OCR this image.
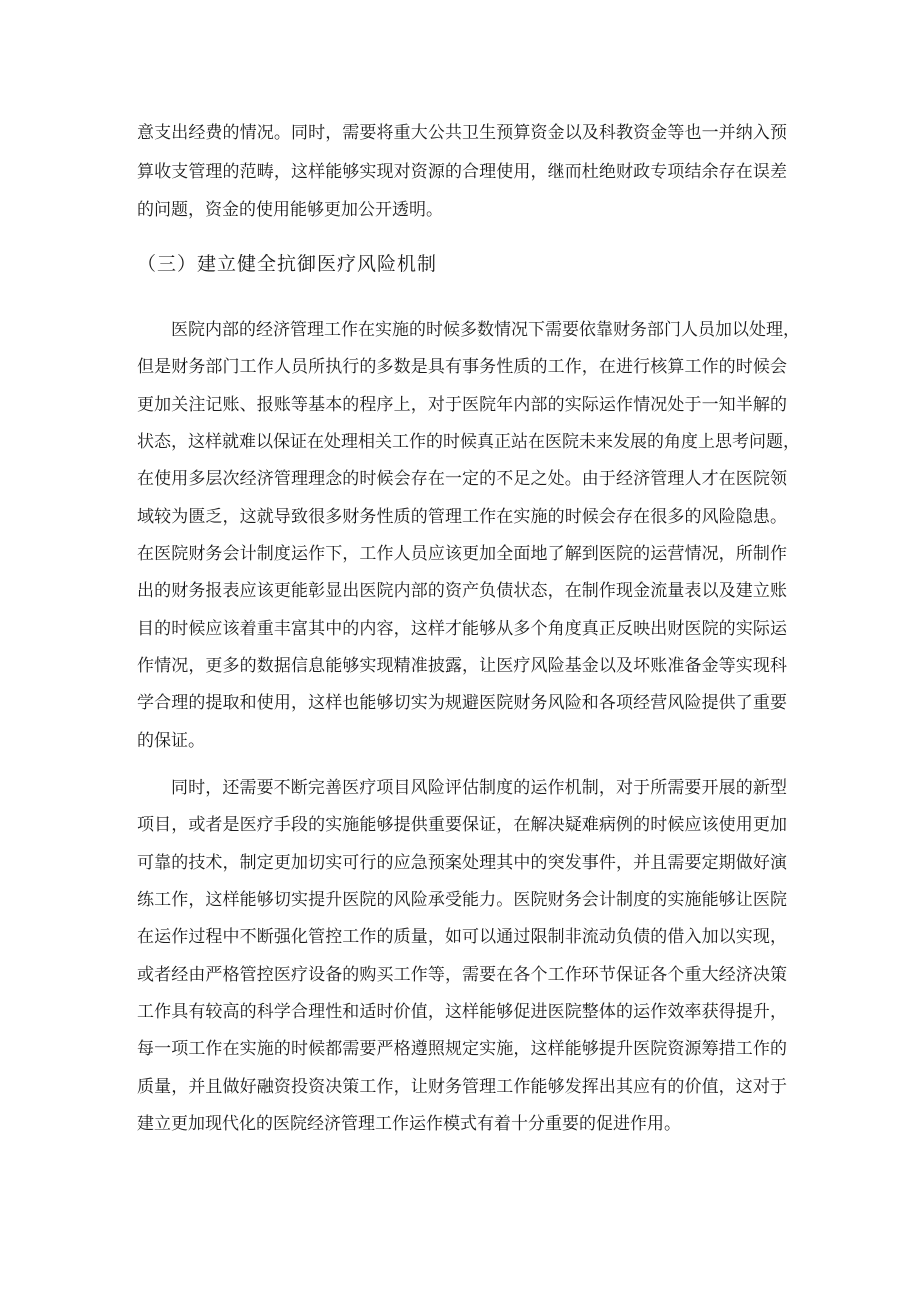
意支出经费的情况。同时，需要将重大公共卫生预算资金以及科教资金等也一并纳入预
算收支管理的范畴，这样能够实现对资源的合理使用，继而杜绝财政专项结余存在误差
的问题，资金的使用能够更加公开透明。
（三）建立健全抗御医疗风险机制
医院内部的经济管理工作在实施的时候多数情况下需要依靠财务部门人员加以处理，
但是财务部门工作人员所执行的多数是具有事务性质的工作，在进行核算工作的时候会
更加关注记账、报账等基本的程序上，对于医院年内部的实际运作情况处于一知半解的
状态，这样就难以保证在处理相关工作的时候真正站在医院未来发展的角度上思考问题，
在使用多层次经济管理理念的时候会存在一定的不足之处。由于经济管理人才在医院领
域较为匮乏，这就导致很多财务性质的管理工作在实施的时候会存在很多的风险隐患。
在医院财务会计制度运作下，工作人员应该更加全面地了解到医院的运营情况，所制作
出的财务报表应该更能彰显出医院内部的资产负债状态，在制作现金流量表以及建立账
目的时候应该着重丰富其中的内容，这样才能够从多个角度真正反映出财医院的实际运
作情况，更多的数据信息能够实现精准披露，让医疗风险基金以及坏账准备金等实现科
学合理的提取和使用，这样也能够切实为规避医院财务风险和各项经营风险提供了重要
的保证。
同时，还需要不断完善医疗项目风险评估制度的运作机制，对于所需要开展的新型
项目，或者是医疗手段的实施能够提供重要保证，在解决疑难病例的时候应该使用更加
可靠的技术，制定更加切实可行的应急预案处理其中的突发事件，并且需要定期做好演
练工作，这样能够切实提升医院的风险承受能力。医院财务会计制度的实施能够让医院
在运作过程中不断强化管控工作的质量，如可以通过限制非流动负债的借入加以实现，
或者经由严格管控医疗设备的购买工作等，需要在各个工作环节保证各个重大经济决策
工作具有较高的科学合理性和适时价值，这样能够促进医院整体的运作效率获得提升，
每一项工作在实施的时候都需要严格遵照规定实施，这样能够提升医院资源筹措工作的
质量，并且做好融资投资决策工作，让财务管理工作能够发挥出其应有的价值，这对于
建立更加现代化的医院经济管理工作运作模式有着十分重要的促进作用。
